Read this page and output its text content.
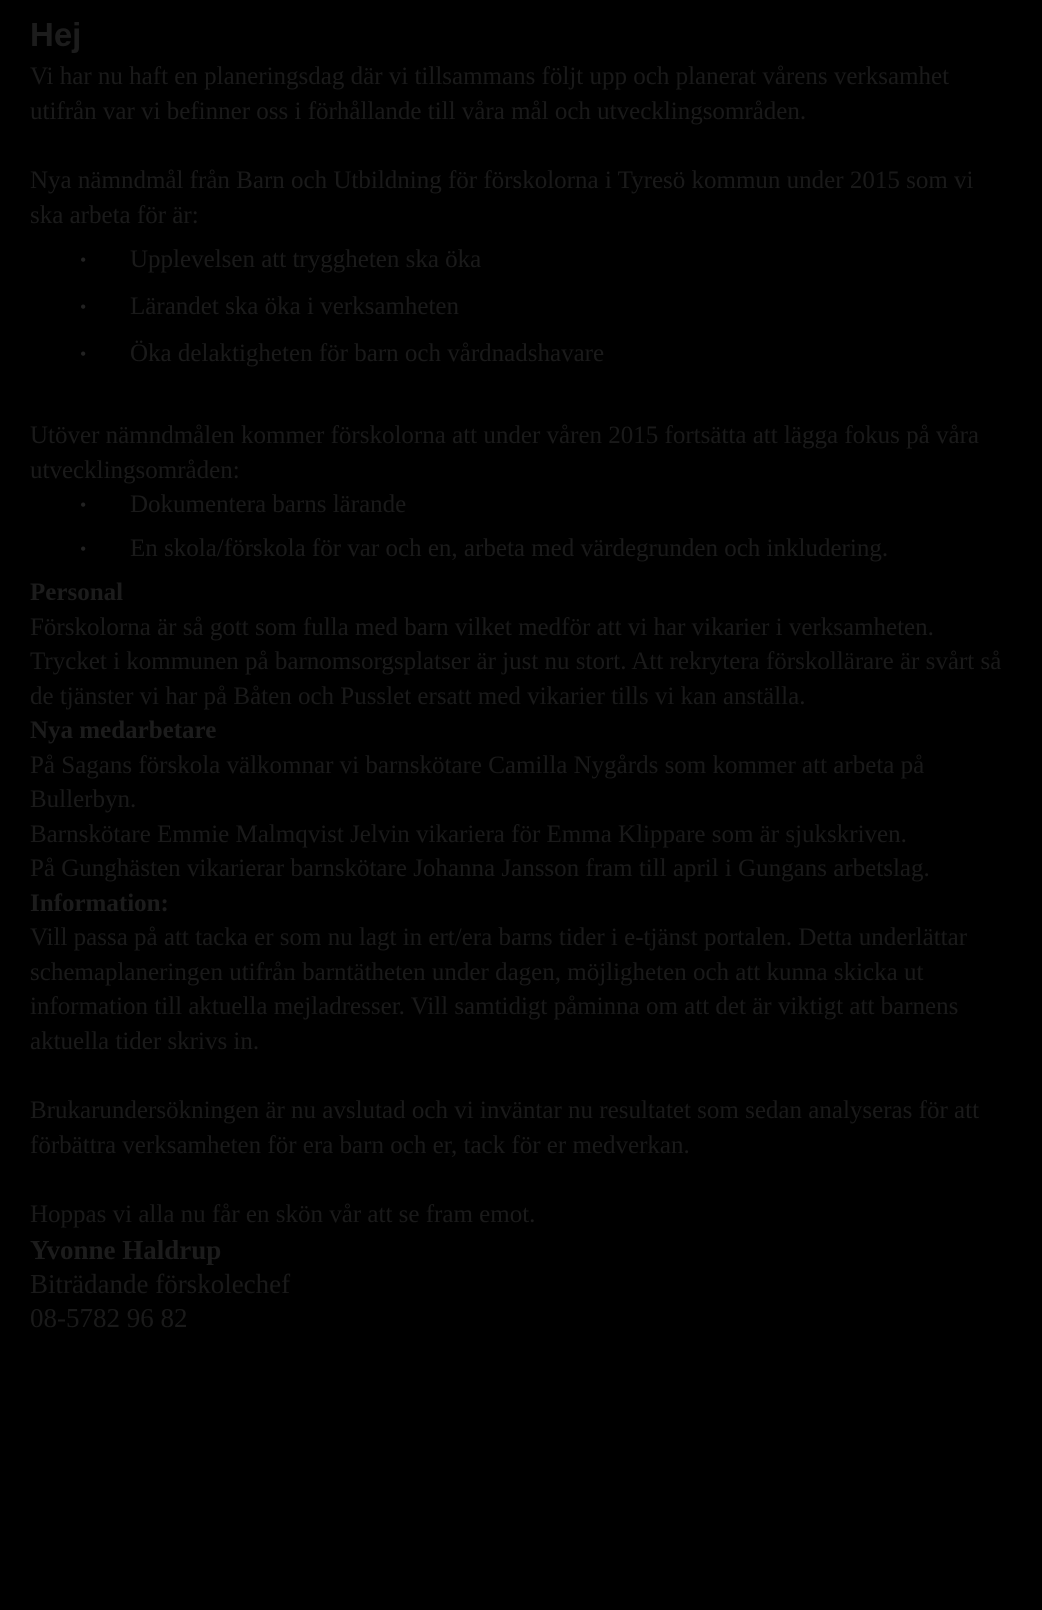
Hej

Vi har nu haft en planeringsdag där vi tillsammans följt upp och planerat vårens verksamhet utifrån var vi befinner oss i förhållande till våra mål och utvecklingsområden.

Nya nämndmål från Barn och Utbildning för förskolorna i Tyresö kommun under 2015 som vi ska arbeta för är:

• Upplevelsen att tryggheten ska öka
• Lärandet ska öka i verksamheten
• Öka delaktigheten för barn och vårdnadshavare

Utöver nämndmålen kommer förskolorna att under våren 2015 fortsätta att lägga fokus på våra utvecklingsområden:

• Dokumentera barns lärande
• En skola/förskola för var och en, arbeta med värdegrunden och inkludering.
Personal

Förskolorna är så gott som fulla med barn vilket medför att vi har vikarier i verksamheten. Trycket i kommunen på barnomsorgsplatser är just nu stort. Att rekrytera förskollärare är svårt så de tjänster vi har på Båten och Pusslet ersatt med vikarier tills vi kan anställa.

Nya medarbetare

På Sagans förskola välkomnar vi barnskötare Camilla Nygårds som kommer att arbeta på Bullerbyn.

Barnskötare Emmie Malmqvist Jelvin vikariera för Emma Klippare som är sjukskriven.

På Gunghästen vikarierar barnskötare Johanna Jansson fram till april i Gungans arbetslag.

Information:

Vill passa på att tacka er som nu lagt in ert/era barns tider i e-tjänst portalen. Detta underlättar schemaplaneringen utifrån barntätheten under dagen, möjligheten och att kunna skicka ut information till aktuella mejladresser. Vill samtidigt påminna om att det är viktigt att barnens aktuella tider skrivs in.

Brukarundersökningen är nu avslutad och vi inväntar nu resultatet som sedan analyseras för att förbättra verksamheten för era barn och er, tack för er medverkan.

Hoppas vi alla nu får en skön vår att se fram emot.

Yvonne Haldrup
Biträdande förskolechef
08-5782 96 82
